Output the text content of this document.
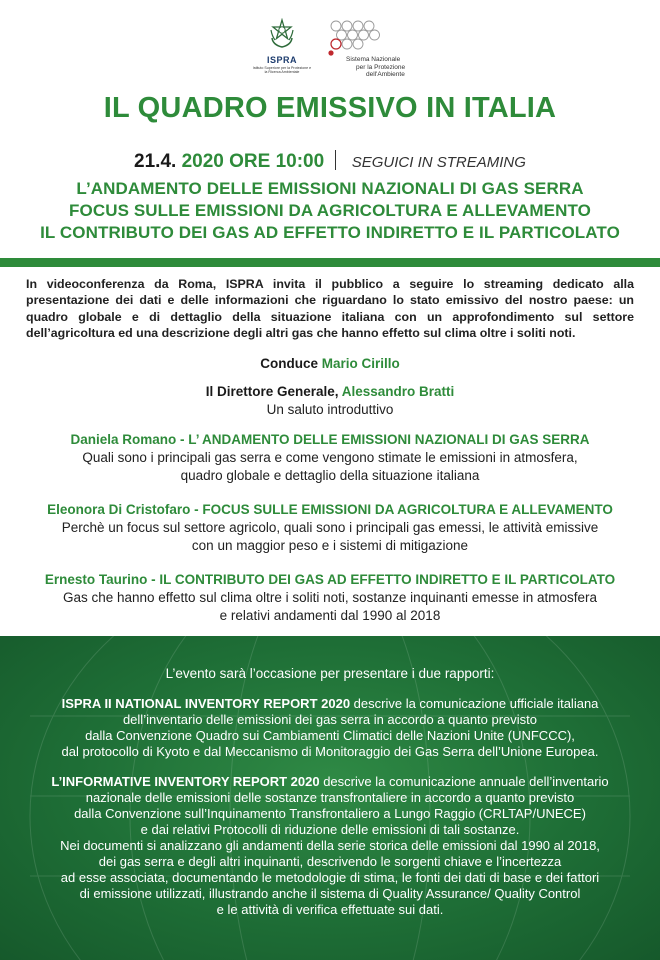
ISPRA
Istituto Superiore per la Protezione e la Ricerca Ambientale
Sistema Nazionale
per la Protezione
dell'Ambiente
IL QUADRO EMISSIVO IN ITALIA
21.4. 2020 ORE 10:00 SEGUICI IN STREAMING
L’ANDAMENTO DELLE EMISSIONI NAZIONALI DI GAS SERRA
FOCUS SULLE EMISSIONI DA AGRICOLTURA E ALLEVAMENTO
IL CONTRIBUTO DEI GAS AD EFFETTO INDIRETTO E IL PARTICOLATO

In videoconferenza da Roma, ISPRA invita il pubblico a seguire lo streaming dedicato alla presentazione dei dati e delle informazioni che riguardano lo stato emissivo del nostro paese: un quadro globale e di dettaglio della situazione italiana con un approfondimento sul settore dell’agricoltura ed una descrizione degli altri gas che hanno effetto sul clima oltre i soliti noti.

Conduce Mario Cirillo
Il Direttore Generale, Alessandro Bratti
Un saluto introduttivo
Daniela Romano - L’ ANDAMENTO DELLE EMISSIONI NAZIONALI DI GAS SERRA
Quali sono i principali gas serra e come vengono stimate le emissioni in atmosfera,
quadro globale e dettaglio della situazione italiana
Eleonora Di Cristofaro - FOCUS SULLE EMISSIONI DA AGRICOLTURA E ALLEVAMENTO
Perchè un focus sul settore agricolo, quali sono i principali gas emessi, le attività emissive
con un maggior peso e i sistemi di mitigazione
Ernesto Taurino - IL CONTRIBUTO DEI GAS AD EFFETTO INDIRETTO E IL PARTICOLATO
Gas che hanno effetto sul clima oltre i soliti noti, sostanze inquinanti emesse in atmosfera
e relativi andamenti dal 1990 al 2018

L’evento sarà l’occasione per presentare i due rapporti:

ISPRA II NATIONAL INVENTORY REPORT 2020 descrive la comunicazione ufficiale italiana

dell’inventario delle emissioni dei gas serra in accordo a quanto previsto

dalla Convenzione Quadro sui Cambiamenti Climatici delle Nazioni Unite (UNFCCC),

dal protocollo di Kyoto e dal Meccanismo di Monitoraggio dei Gas Serra dell’Unione Europea.

L’INFORMATIVE INVENTORY REPORT 2020 descrive la comunicazione annuale dell’inventario

nazionale delle emissioni delle sostanze transfrontaliere in accordo a quanto previsto

dalla Convenzione sull’Inquinamento Transfrontaliero a Lungo Raggio (CRLTAP/UNECE)

e dai relativi Protocolli di riduzione delle emissioni di tali sostanze.

Nei documenti si analizzano gli andamenti della serie storica delle emissioni dal 1990 al 2018,

dei gas serra e degli altri inquinanti, descrivendo le sorgenti chiave e l’incertezza

ad esse associata, documentando le metodologie di stima, le fonti dei dati di base e dei fattori

di emissione utilizzati, illustrando anche il sistema di Quality Assurance/ Quality Control

e le attività di verifica effettuate sui dati.
